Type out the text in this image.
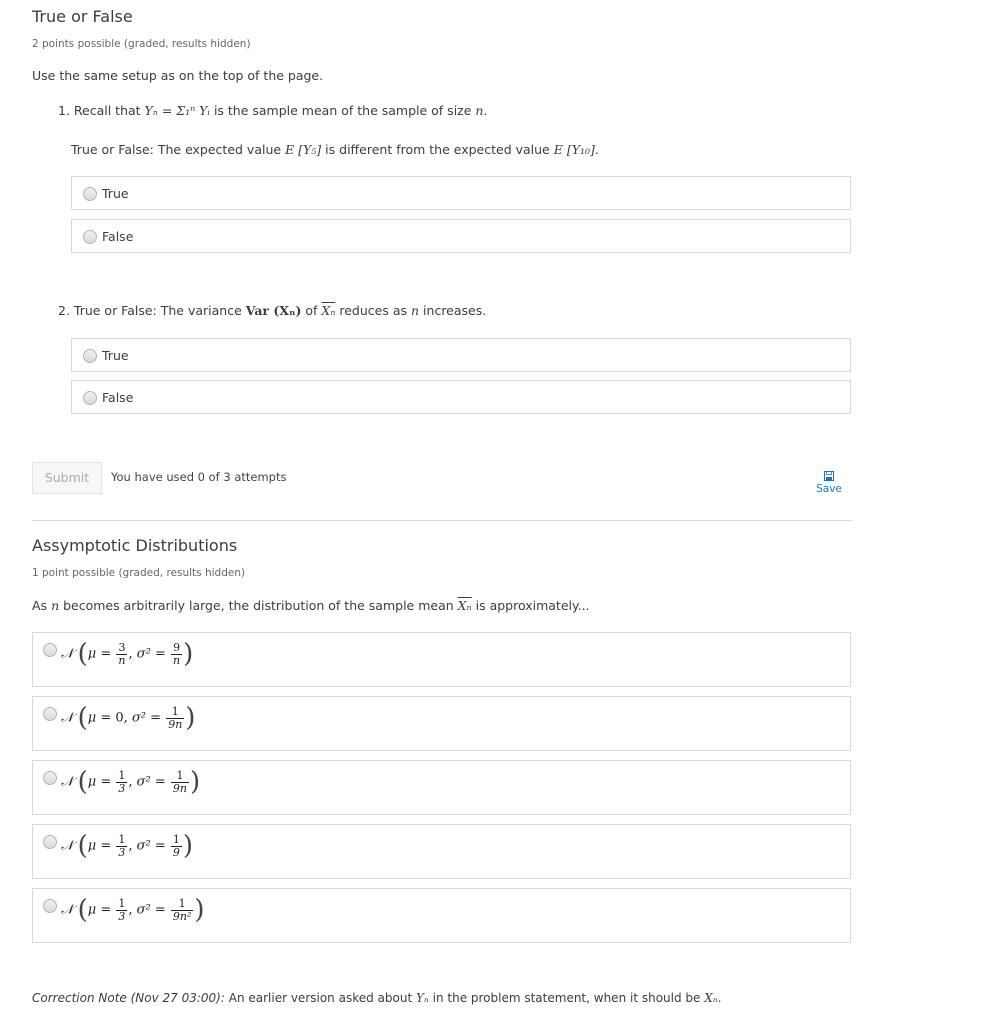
True or False
2 points possible (graded, results hidden)
Use the same setup as on the top of the page.
1. Recall that Yₙ = Σ₁ⁿ Yᵢ is the sample mean of the sample of size n.
True or False: The expected value E [Y₅] is different from the expected value E [Y₁₀].
True
False
2. True or False: The variance Var (Xₙ) of $\overline{X_n}$ reduces as n increases.
True
False
Submit	You have used 0 of 3 attempts
Save
Assymptotic Distributions
1 point possible (graded, results hidden)
As n becomes arbitrarily large, the distribution of the sample mean $\overline{X_n}$ is approximately...
𝒩 ($\mu = \frac{3}{n}$ , $\sigma^2 = \frac{9}{n}$ )
𝒩 (μ = 0, $\sigma^2 = \frac{1}{9n}$ )
𝒩 ($\mu = \frac{1}{3}$ , $\sigma^2 = \frac{1}{9n}$ )
𝒩 ($\mu = \frac{1}{3}$ , $\sigma^2 = \frac{1}{9}$ )
𝒩 ($\mu = \frac{1}{3}$ , $\sigma^2 = \frac{1}{\text{9n²}}$ )
Correction Note (Nov 27 03:00): An earlier version asked about Yₙ in the problem statement, when it should be Xₙ.
